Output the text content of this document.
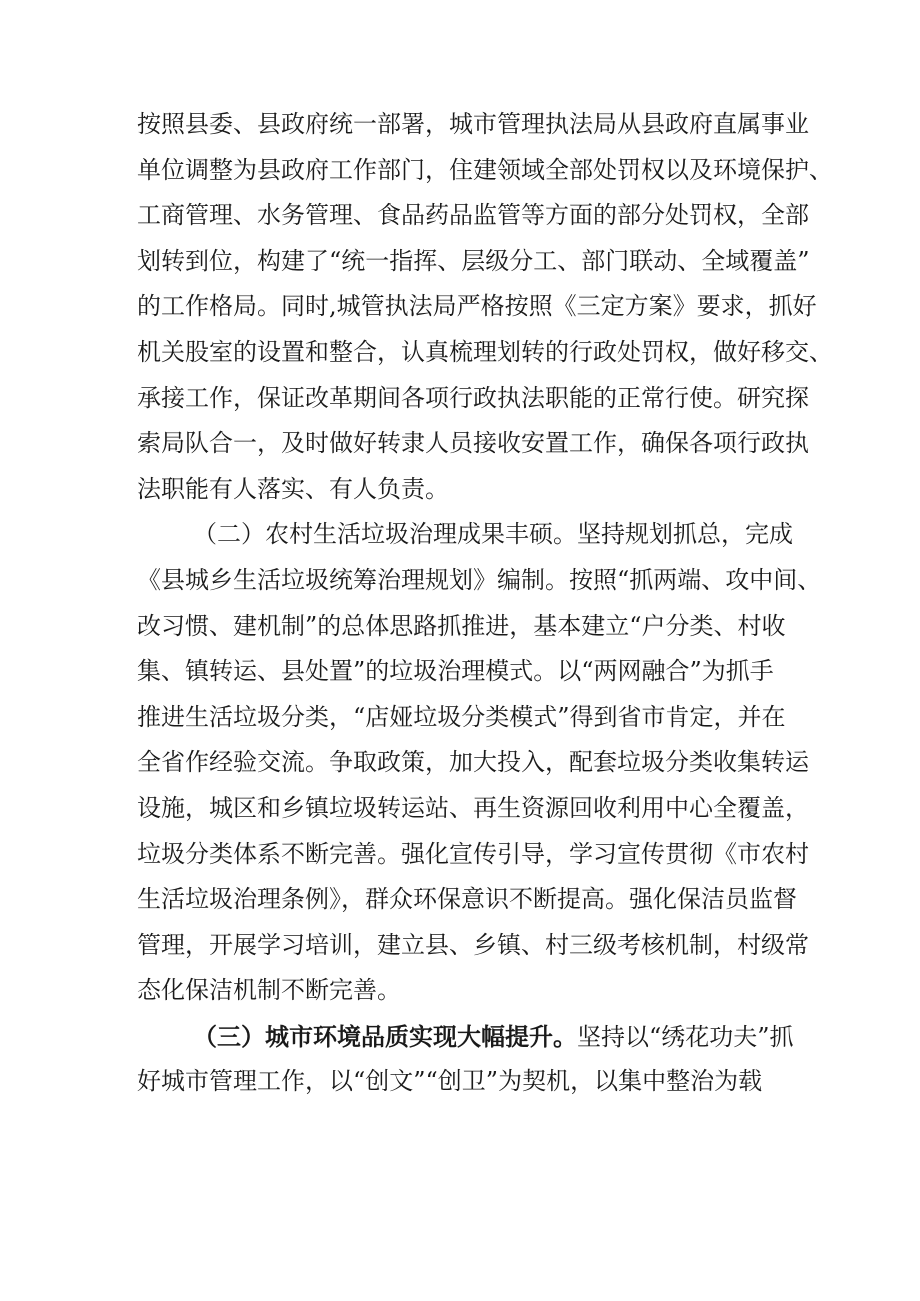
按照县委、县政府统一部署，城市管理执法局从县政府直属事业
单位调整为县政府工作部门，住建领域全部处罚权以及环境保护、
工商管理、水务管理、食品药品监管等方面的部分处罚权，全部
划转到位，构建了“统一指挥、层级分工、部门联动、全域覆盖”
的工作格局。同时,城管执法局严格按照《三定方案》要求，抓好
机关股室的设置和整合，认真梳理划转的行政处罚权，做好移交、
承接工作，保证改革期间各项行政执法职能的正常行使。研究探
索局队合一，及时做好转隶人员接收安置工作，确保各项行政执
法职能有人落实、有人负责。
（二）农村生活垃圾治理成果丰硕。坚持规划抓总，完成
《县城乡生活垃圾统筹治理规划》编制。按照“抓两端、攻中间、
改习惯、建机制”的总体思路抓推进，基本建立“户分类、村收
集、镇转运、县处置”的垃圾治理模式。以“两网融合”为抓手
推进生活垃圾分类，“店娅垃圾分类模式”得到省市肯定，并在
全省作经验交流。争取政策，加大投入，配套垃圾分类收集转运
设施，城区和乡镇垃圾转运站、再生资源回收利用中心全覆盖，
垃圾分类体系不断完善。强化宣传引导，学习宣传贯彻《市农村
生活垃圾治理条例》，群众环保意识不断提高。强化保洁员监督
管理，开展学习培训，建立县、乡镇、村三级考核机制，村级常
态化保洁机制不断完善。
（三）城市环境品质实现大幅提升。坚持以“绣花功夫”抓
好城市管理工作，以“创文”“创卫”为契机，以集中整治为载
